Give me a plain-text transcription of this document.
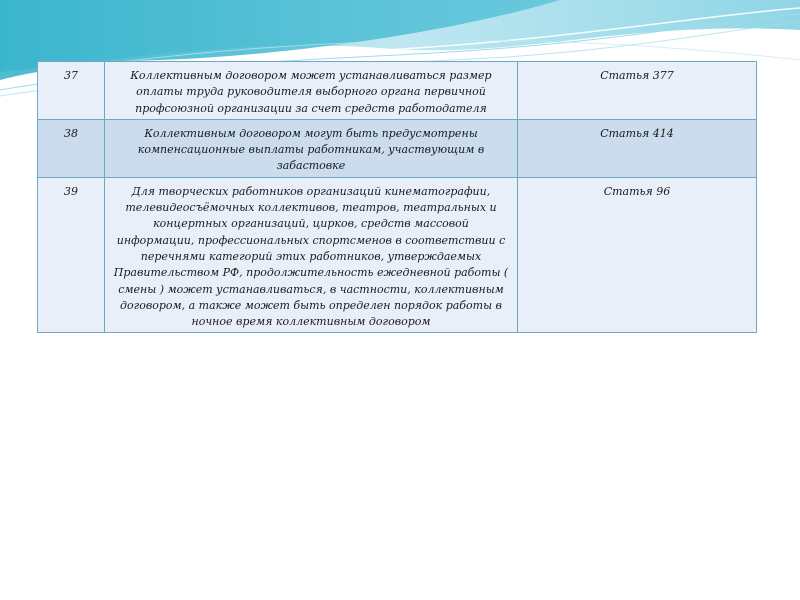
37	Коллективным договором может устанавливаться размер оплаты труда руководителя выборного органа первичной профсоюзной организации за счет средств работодателя	Статья 377
38	Коллективным договором могут быть предусмотрены компенсационные выплаты работникам, участвующим в забастовке	Статья 414
39	Для творческих работников организаций кинематографии, телевидеосъёмочных коллективов, театров, театральных и концертных организаций, цирков, средств массовой информации, профессиональных спортсменов в соответствии с перечнями категорий этих работников, утверждаемых Правительством РФ, продолжительность ежедневной работы ( смены ) может устанавливаться, в частности, коллективным договором, а также может быть определен порядок работы в ночное время коллективным договором	Статья 96
